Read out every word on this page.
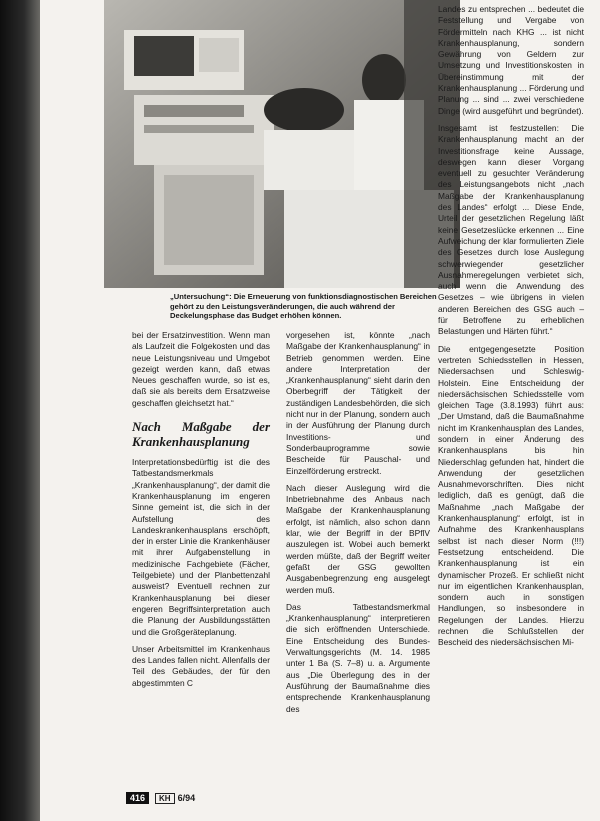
„Untersuchung“: Die Erneuerung von funktionsdiagnostischen Bereichen gehört zu den Leistungsveränderungen, die auch während der Deckelungsphase das Budget erhöhen können.

bei der Ersatzinvestition. Wenn man als Laufzeit die Folgekosten und das neue Leistungsniveau und Umgebot gezeigt werden kann, daß etwas Neues geschaffen wurde, so ist es, daß sie als bereits dem Ersatzweise geschaffen gleichsetzt hat.“

Nach Maßgabe der Krankenhausplanung

Interpretationsbedürftig ist die des Tatbestandsmerkmals „Krankenhausplanung“, der damit die Krankenhausplanung im engeren Sinne gemeint ist, die sich in der Aufstellung des Landeskrankenhausplans erschöpft, der in erster Linie die Krankenhäuser mit ihrer Aufgabenstellung in medizinische Fachgebiete (Fächer, Teilgebiete) und der Planbettenzahl ausweist? Eventuell rechnen zur Krankenhausplanung bei dieser engeren Begriffsinterpretation auch die Planung der Ausbildungsstätten und die Großgeräteplanung.

Unser Arbeitsmittel im Krankenhaus des Landes fallen nicht. Allenfalls der Teil des Gebäudes, der für den abgestimmten C

vorgesehen ist, könnte „nach Maßgabe der Krankenhausplanung“ in Betrieb genommen werden. Eine andere Interpretation der „Krankenhausplanung“ sieht darin den Oberbegriff der Tätigkeit der zuständigen Landesbehörden, die sich nicht nur in der Planung, sondern auch in der Ausführung der Planung durch Investitions- und Sonderbauprogramme sowie Bescheide für Pauschal- und Einzelförderung erstreckt.

Nach dieser Auslegung wird die Inbetriebnahme des Anbaus nach Maßgabe der Krankenhausplanung erfolgt, ist nämlich, also schon dann klar, wie der Begriff in der BPflV auszulegen ist. Wobei auch bemerkt werden müßte, daß der Begriff weiter gefaßt der GSG gewollten Ausgabenbegrenzung eng ausgelegt werden muß.

Das Tatbestandsmerkmal „Krankenhausplanung“ interpretieren die sich eröffnenden Unterschiede. Eine Entscheidung des Bundes-Verwaltungsgerichts (M. 14. 1985 unter 1 Ba (S. 7–8) u. a. Argumente aus „Die Überlegung des in der Ausführung der Baumaßnahme dies entsprechende Krankenhausplanung des

Landes zu entsprechen ... bedeutet die Feststellung und Vergabe von Fördermitteln nach KHG ... ist nicht Krankenhausplanung, sondern Gewährung von Geldern zur Umsetzung und Investitionskosten in Übereinstimmung mit der Krankenhausplanung ... Förderung und Planung ... sind ... zwei verschiedene Dinge (wird ausgeführt und begründet).

Insgesamt ist festzustellen: Die Krankenhausplanung macht an der Investitionsfrage keine Aussage, deswegen kann dieser Vorgang eventuell zu gesuchter Veränderung des Leistungsangebots nicht „nach Maßgabe der Krankenhausplanung des Landes“ erfolgt ... Diese Ende, Urteil der gesetzlichen Regelung läßt keine Gesetzeslücke erkennen ... Eine Aufweichung der klar formulierten Ziele des Gesetzes durch lose Auslegung schwerwiegender gesetzlicher Ausnahmeregelungen verbietet sich, auch wenn die Anwendung des Gesetzes – wie übrigens in vielen anderen Bereichen des GSG auch – für Betroffene zu erheblichen Belastungen und Härten führt.“

Die entgegengesetzte Position vertreten Schiedsstellen in Hessen, Niedersachsen und Schleswig-Holstein. Eine Entscheidung der niedersächsischen Schiedsstelle vom gleichen Tage (3.8.1993) führt aus: „Der Umstand, daß die Baumaßnahme nicht im Krankenhausplan des Landes, sondern in einer Änderung des Krankenhausplans bis hin Niederschlag gefunden hat, hindert die Anwendung der gesetzlichen Ausnahmevorschriften. Dies nicht lediglich, daß es genügt, daß die Maßnahme „nach Maßgabe der Krankenhausplanung“ erfolgt, ist in Aufnahme des Krankenhausplans selbst ist nach dieser Norm (!!!) Festsetzung entscheidend. Die Krankenhausplanung ist ein dynamischer Prozeß. Er schließt nicht nur im eigentlichen Krankenhausplan, sondern auch in sonstigen Handlungen, so insbesondere in Regelungen der Landes. Hierzu rechnen die Schlußstellen der Bescheid des niedersächsischen Mi-

416 KH 6/94
